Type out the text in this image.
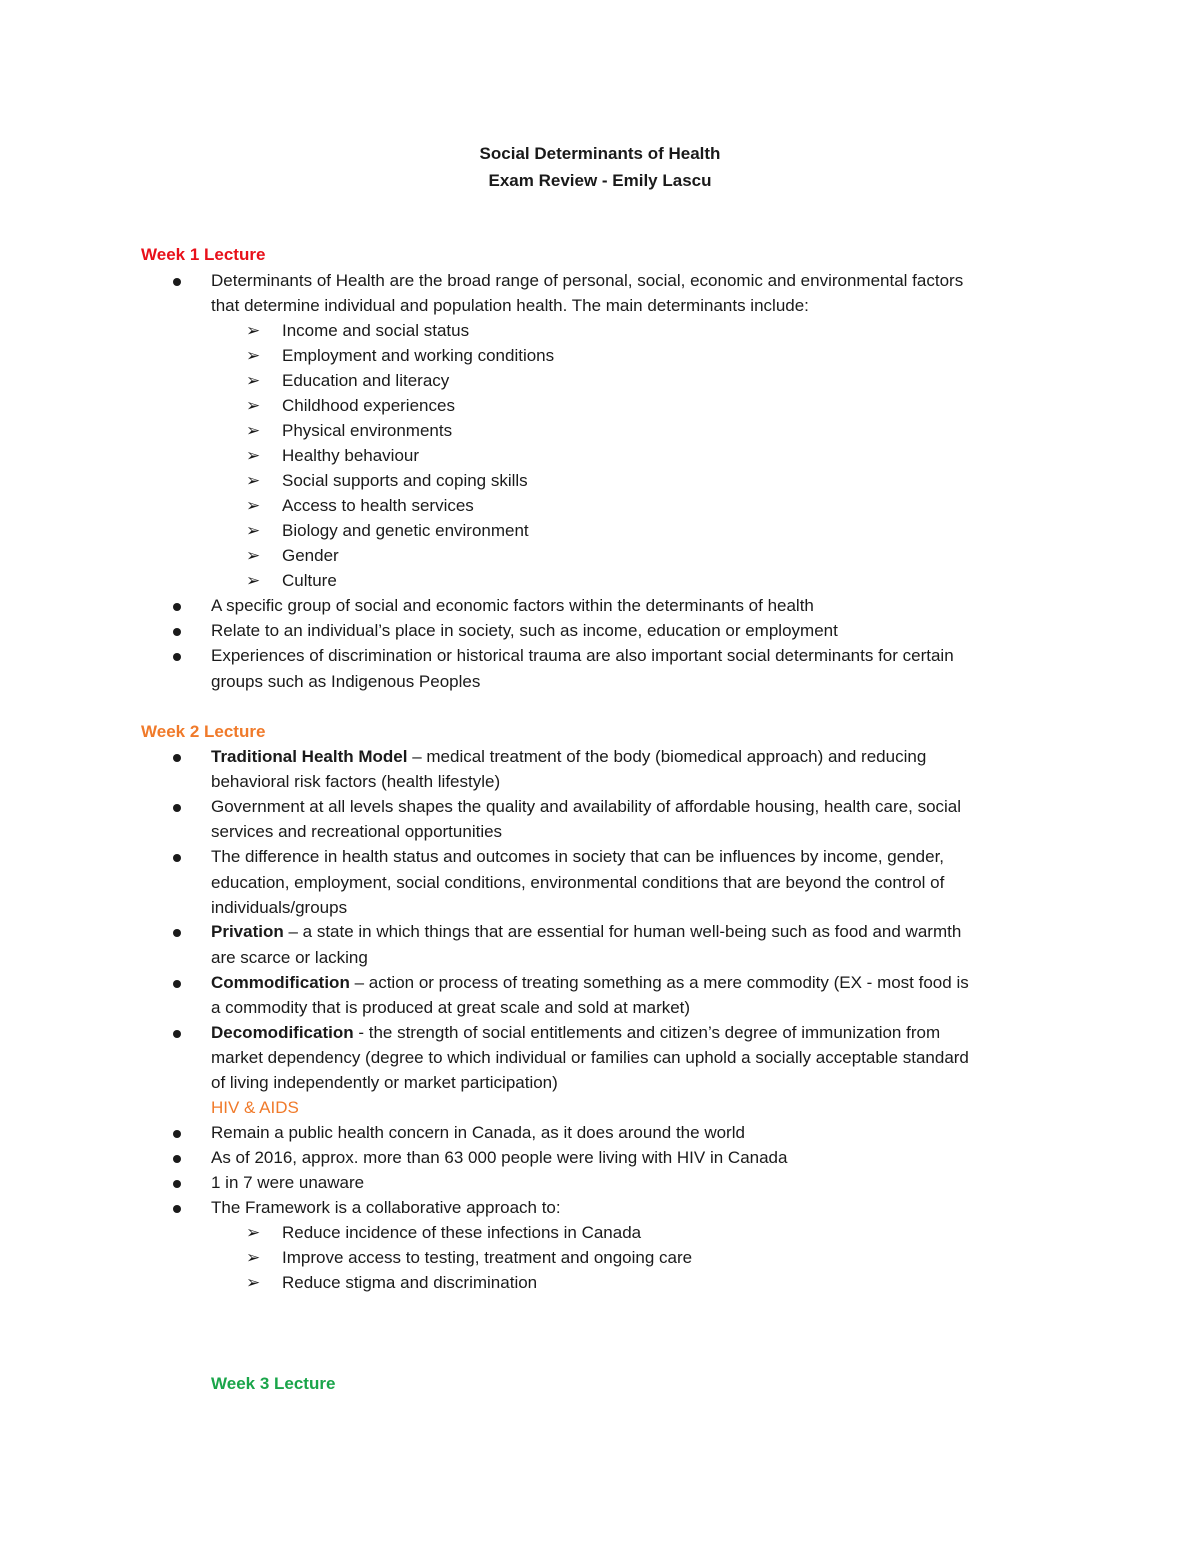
Social Determinants of Health
Exam Review - Emily Lascu
Week 1 Lecture
Determinants of Health are the broad range of personal, social, economic and environmental factors
that determine individual and population health. The main determinants include:
➢ Income and social status
➢ Employment and working conditions
➢ Education and literacy
➢ Childhood experiences
➢ Physical environments
➢ Healthy behaviour
➢ Social supports and coping skills
➢ Access to health services
➢ Biology and genetic environment
➢ Gender
➢ Culture
A specific group of social and economic factors within the determinants of health
Relate to an individual’s place in society, such as income, education or employment
Experiences of discrimination or historical trauma are also important social determinants for certain
groups such as Indigenous Peoples
Week 2 Lecture
Traditional Health Model – medical treatment of the body (biomedical approach) and reducing
behavioral risk factors (health lifestyle)
Government at all levels shapes the quality and availability of affordable housing, health care, social
services and recreational opportunities
The difference in health status and outcomes in society that can be influences by income, gender,
education, employment, social conditions, environmental conditions that are beyond the control of
individuals/groups
Privation – a state in which things that are essential for human well-being such as food and warmth
are scarce or lacking
Commodification – action or process of treating something as a mere commodity (EX - most food is
a commodity that is produced at great scale and sold at market)
Decomodification - the strength of social entitlements and citizen’s degree of immunization from
market dependency (degree to which individual or families can uphold a socially acceptable standard
of living independently or market participation)
HIV & AIDS
Remain a public health concern in Canada, as it does around the world
As of 2016, approx. more than 63 000 people were living with HIV in Canada
1 in 7 were unaware
The Framework is a collaborative approach to:
➢ Reduce incidence of these infections in Canada
➢ Improve access to testing, treatment and ongoing care
➢ Reduce stigma and discrimination
Week 3 Lecture
